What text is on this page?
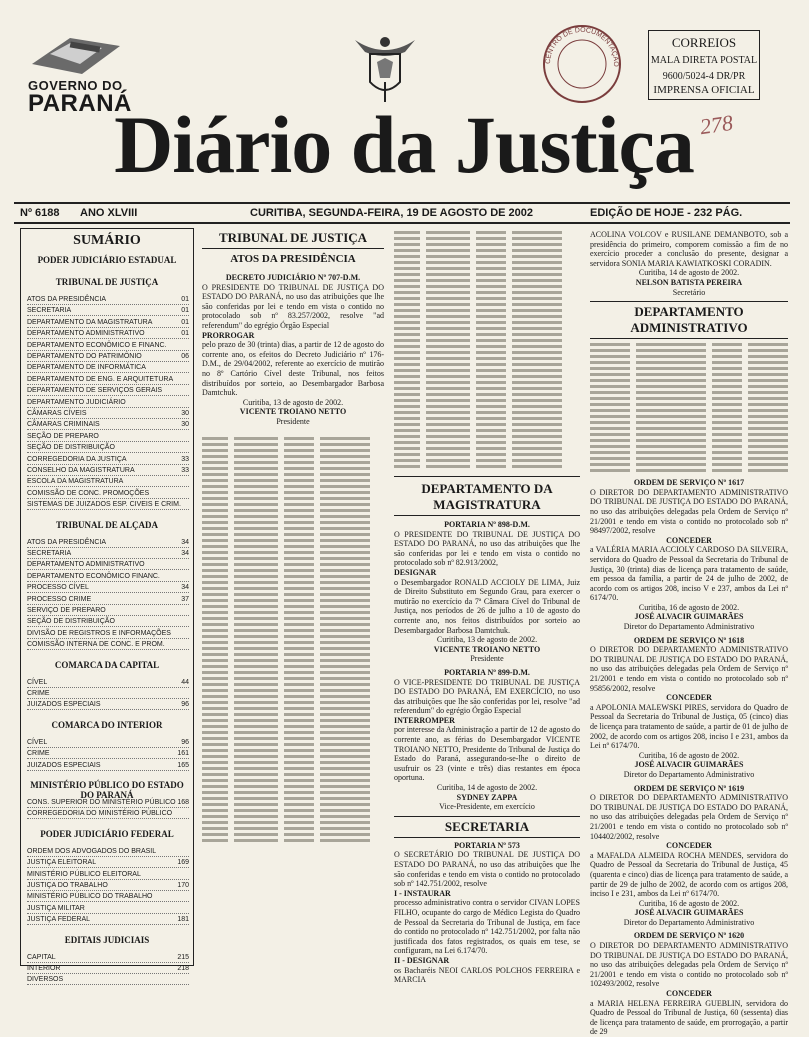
GOVERNO DO
PARANÁ
CENTRO DE DOCUMENTAÇÃO
CORREIOS
MALA DIRETA POSTAL
9600/5024-4 DR/PR
IMPRENSA OFICIAL
278
Diário da Justiça
Nº 6188	ANO XLVIII	CURITIBA, SEGUNDA-FEIRA, 19 DE AGOSTO DE 2002	EDIÇÃO DE HOJE - 232 PÁG.
SUMÁRIO
PODER JUDICIÁRIO ESTADUAL
TRIBUNAL DE JUSTIÇA
ATOS DA PRESIDÊNCIA	01
SECRETARIA	01
DEPARTAMENTO DA MAGISTRATURA	01
DEPARTAMENTO ADMINISTRATIVO	01
DEPARTAMENTO ECONÔMICO E FINANC.
DEPARTAMENTO DO PATRIMÔNIO	06
DEPARTAMENTO DE INFORMÁTICA
DEPARTAMENTO DE ENG. E ARQUITETURA
DEPARTAMENTO DE SERVIÇOS GERAIS
DEPARTAMENTO JUDICIÁRIO
CÂMARAS CÍVEIS	30
CÂMARAS CRIMINAIS	30
SEÇÃO DE PREPARO
SEÇÃO DE DISTRIBUIÇÃO
CORREGEDORIA DA JUSTIÇA	33
CONSELHO DA MAGISTRATURA	33
ESCOLA DA MAGISTRATURA
COMISSÃO DE CONC. PROMOÇÕES
SISTEMAS DE JUIZADOS ESP. CIVEIS E CRIM.
TRIBUNAL DE ALÇADA
ATOS DA PRESIDÊNCIA	34
SECRETARIA	34
DEPARTAMENTO ADMINISTRATIVO
DEPARTAMENTO ECONÔMICO FINANC.
PROCESSO CÍVEL	34
PROCESSO CRIME	37
SERVIÇO DE PREPARO
SEÇÃO DE DISTRIBUIÇÃO
DIVISÃO DE REGISTROS E INFORMAÇÕES
COMISSÃO INTERNA DE CONC. E PROM.
COMARCA DA CAPITAL
CÍVEL	44
CRIME
JUIZADOS ESPECIAIS	96
COMARCA DO INTERIOR
CÍVEL	96
CRIME	161
JUIZADOS ESPECIAIS	165
MINISTÉRIO PÚBLICO DO ESTADO DO PARANÁ
CONS. SUPERIOR DO MINISTÉRIO PÚBLICO 168
CORREGEDORIA DO MINISTÉRIO PÚBLICO
PODER JUDICIÁRIO FEDERAL
ORDEM DOS ADVOGADOS DO BRASIL
JUSTIÇA ELEITORAL	169
MINISTÉRIO PÚBLICO ELEITORAL
JUSTIÇA DO TRABALHO	170
MINISTÉRIO PÚBLICO DO TRABALHO
JUSTIÇA MILITAR
JUSTIÇA FEDERAL	181
EDITAIS JUDICIAIS
CAPITAL	215
INTERIOR	218
DIVERSOS
TRIBUNAL DE JUSTIÇA
ATOS DA PRESIDÊNCIA
DECRETO JUDICIÁRIO Nº 707-D.M.
O PRESIDENTE DO TRIBUNAL DE JUSTIÇA DO ESTADO DO PARANÁ, no uso das atribuições que lhe são conferidas por lei e tendo em vista o contido no protocolado sob nº 83.257/2002, resolve "ad referendum" do egrégio Órgão Especial
PRORROGAR
pelo prazo de 30 (trinta) dias, a partir de 12 de agosto do corrente ano, os efeitos do Decreto Judiciário nº 176-D.M., de 29/04/2002, referente ao exercício de mutirão no 8º Cartório Cível deste Tribunal, nos feitos distribuídos por sorteio, ao Desembargador Barbosa Damtchuk.
Curitiba, 13 de agosto de 2002.
VICENTE TROIANO NETTO
Presidente
DEPARTAMENTO DA MAGISTRATURA
PORTARIA Nº 898-D.M.
O PRESIDENTE DO TRIBUNAL DE JUSTIÇA DO ESTADO DO PARANÁ, no uso das atribuições que lhe são conferidas por lei e tendo em vista o contido no protocolado sob nº 82.913/2002,
DESIGNAR
o Desembargador RONALD ACCIOLY DE LIMA, Juiz de Direito Substituto em Segundo Grau, para exercer o mutirão no exercício da 7ª Câmara Cível do Tribunal de Justiça, nos períodos de 26 de julho a 10 de agosto do corrente ano, nos feitos distribuídos por sorteio ao Desembargador Barbosa Damtchuk.
Curitiba, 13 de agosto de 2002.
VICENTE TROIANO NETTO
Presidente
PORTARIA Nº 899-D.M.
O VICE-PRESIDENTE DO TRIBUNAL DE JUSTIÇA DO ESTADO DO PARANÁ, EM EXERCÍCIO, no uso das atribuições que lhe são conferidas por lei, resolve "ad referendum" do egrégio Órgão Especial
INTERROMPER
por interesse da Administração a partir de 12 de agosto do corrente ano, as férias do Desembargador VICENTE TROIANO NETTO, Presidente do Tribunal de Justiça do Estado do Paraná, assegurando-se-lhe o direito de usufruir os 23 (vinte e três) dias restantes em época oportuna.
Curitiba, 14 de agosto de 2002.
SYDNEY ZAPPA
Vice-Presidente, em exercício
SECRETARIA
PORTARIA Nº 573
O SECRETÁRIO DO TRIBUNAL DE JUSTIÇA DO ESTADO DO PARANÁ, no uso das atribuições que lhe são conferidas e tendo em vista o contido no protocolado sob nº 142.751/2002, resolve
I - INSTAURAR
processo administrativo contra o servidor CIVAN LOPES FILHO, ocupante do cargo de Médico Legista do Quadro de Pessoal da Secretaria do Tribunal de Justiça, em face do contido no protocolado nº 142.751/2002, por falta não justificada dos fatos registrados, os quais em tese, se configuram, na Lei 6.174/70.
II - DESIGNAR
os Bacharéis NEOI CARLOS POLCHOS FERREIRA e MARCIA
ACOLINA VOLCOV e RUSILANE DEMANBOTO, sob a presidência do primeiro, comporem comissão a fim de no exercício proceder a conclusão do presente, designar a servidora SONIA MARIA KAWIATKOSKI CORADIN.
Curitiba, 14 de agosto de 2002.
NELSON BATISTA PEREIRA
Secretário
DEPARTAMENTO ADMINISTRATIVO
ORDEM DE SERVIÇO Nº 1617
O DIRETOR DO DEPARTAMENTO ADMINISTRATIVO DO TRIBUNAL DE JUSTIÇA DO ESTADO DO PARANÁ, no uso das atribuições delegadas pela Ordem de Serviço nº 21/2001 e tendo em vista o contido no protocolado sob nº 98497/2002, resolve
CONCEDER
a VALÉRIA MARIA ACCIOLY CARDOSO DA SILVEIRA, servidora do Quadro de Pessoal da Secretaria do Tribunal de Justiça, 30 (trinta) dias de licença para tratamento de saúde, em pessoa da família, a partir de 24 de julho de 2002, de acordo com os artigos 208, inciso V e 237, ambos da Lei nº 6174/70.
Curitiba, 16 de agosto de 2002.
JOSÉ ALVACIR GUIMARÃES
Diretor do Departamento Administrativo
ORDEM DE SERVIÇO Nº 1618
O DIRETOR DO DEPARTAMENTO ADMINISTRATIVO DO TRIBUNAL DE JUSTIÇA DO ESTADO DO PARANÁ, no uso das atribuições delegadas pela Ordem de Serviço nº 21/2001 e tendo em vista o contido no protocolado sob nº 95856/2002, resolve
CONCEDER
a APOLONIA MALEWSKI PIRES, servidora do Quadro de Pessoal da Secretaria do Tribunal de Justiça, 05 (cinco) dias de licença para tratamento de saúde, a partir de 01 de julho de 2002, de acordo com os artigos 208, inciso I e 231, ambos da Lei nº 6174/70.
Curitiba, 16 de agosto de 2002.
JOSÉ ALVACIR GUIMARÃES
Diretor do Departamento Administrativo
ORDEM DE SERVIÇO Nº 1619
O DIRETOR DO DEPARTAMENTO ADMINISTRATIVO DO TRIBUNAL DE JUSTIÇA DO ESTADO DO PARANÁ, no uso das atribuições delegadas pela Ordem de Serviço nº 21/2001 e tendo em vista o contido no protocolado sob nº 104402/2002, resolve
CONCEDER
a MAFALDA ALMEIDA ROCHA MENDES, servidora do Quadro de Pessoal da Secretaria do Tribunal de Justiça, 45 (quarenta e cinco) dias de licença para tratamento de saúde, a partir de 29 de julho de 2002, de acordo com os artigos 208, inciso I e 231, ambos da Lei nº 6174/70.
Curitiba, 16 de agosto de 2002.
JOSÉ ALVACIR GUIMARÃES
Diretor do Departamento Administrativo
ORDEM DE SERVIÇO Nº 1620
O DIRETOR DO DEPARTAMENTO ADMINISTRATIVO DO TRIBUNAL DE JUSTIÇA DO ESTADO DO PARANÁ, no uso das atribuições delegadas pela Ordem de Serviço nº 21/2001 e tendo em vista o contido no protocolado sob nº 102493/2002, resolve
CONCEDER
a MARIA HELENA FERREIRA GUEBLIN, servidora do Quadro de Pessoal do Tribunal de Justiça, 60 (sessenta) dias de licença para tratamento de saúde, em prorrogação, a partir de 29
